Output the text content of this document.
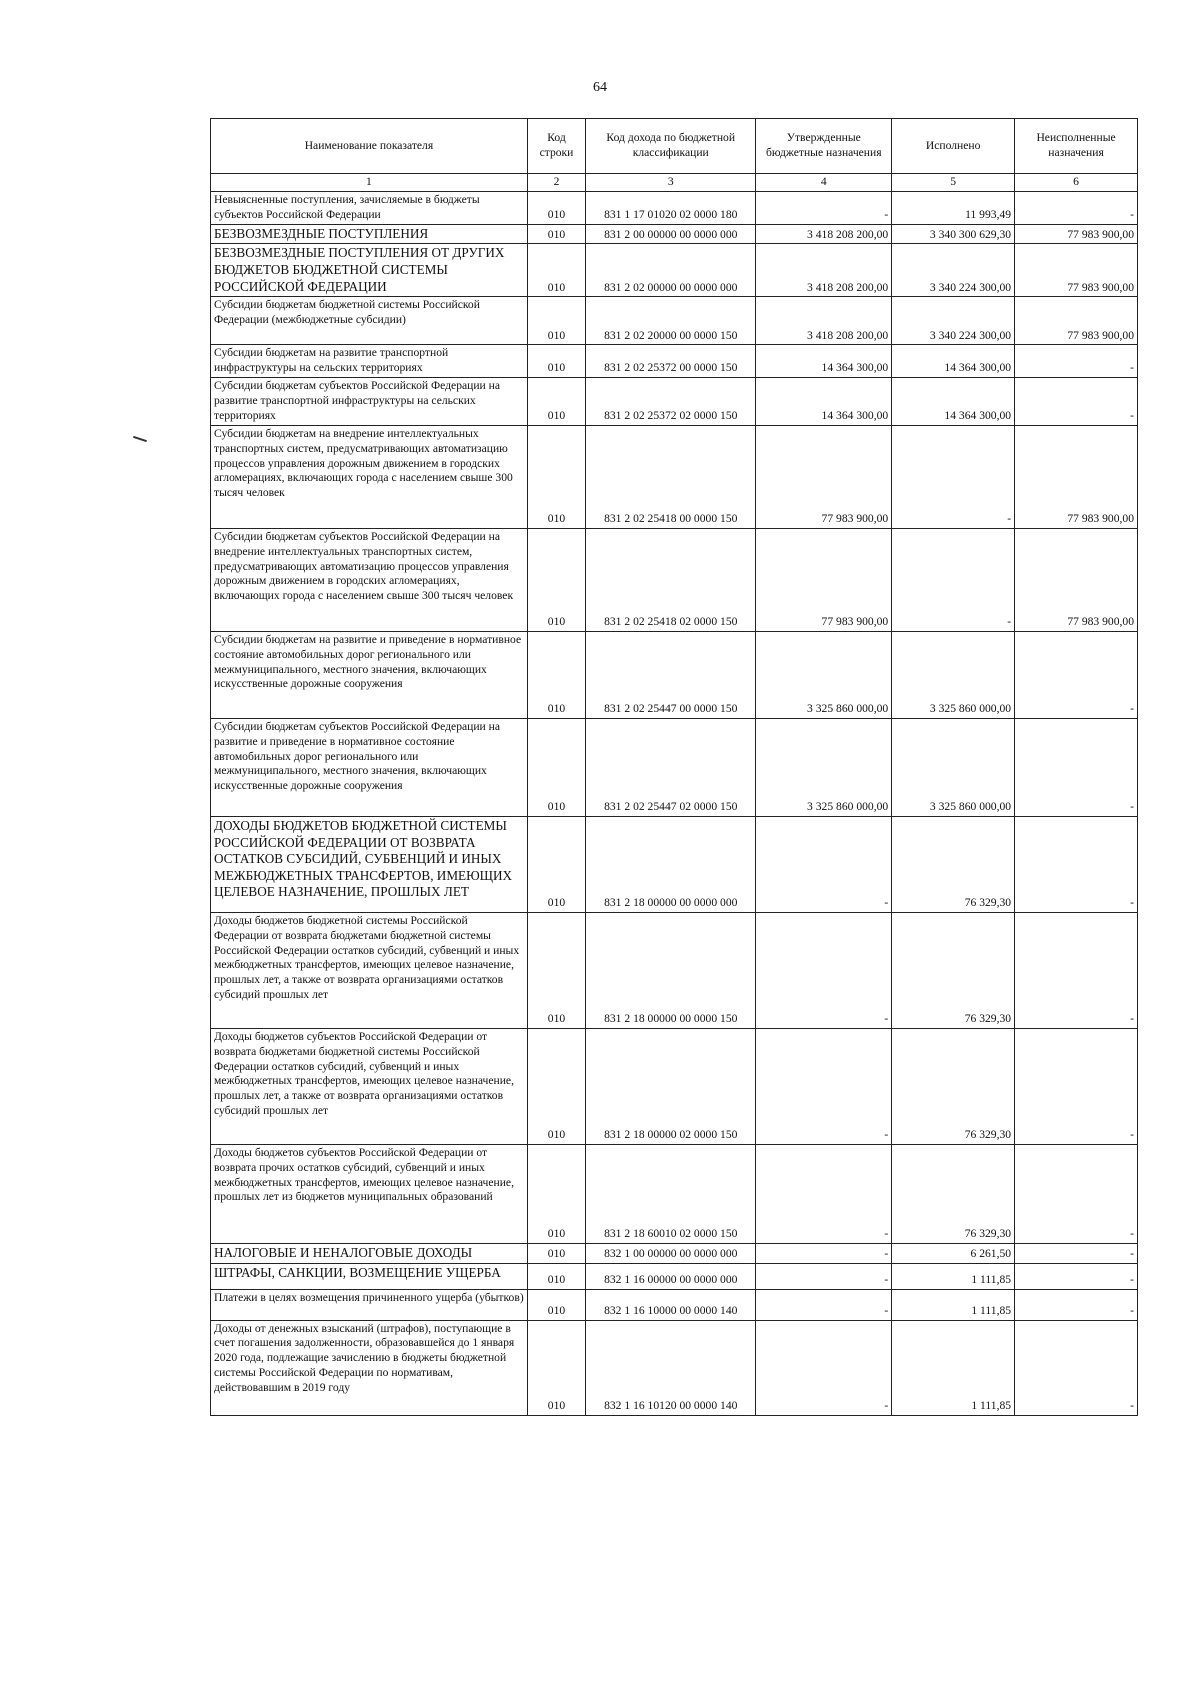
64
Наименование показателя	Код строки	Код дохода по бюджетной классификации	Утвержденные бюджетные назначения	Исполнено	Неисполненные назначения
1	2	3	4	5	6
Невыясненные поступления, зачисляемые в бюджеты субъектов Российской Федерации	010	831 1 17 01020 02 0000 180	-	11 993,49	-
БЕЗВОЗМЕЗДНЫЕ ПОСТУПЛЕНИЯ	010	831 2 00 00000 00 0000 000	3 418 208 200,00	3 340 300 629,30	77 983 900,00
БЕЗВОЗМЕЗДНЫЕ ПОСТУПЛЕНИЯ ОТ ДРУГИХ БЮДЖЕТОВ БЮДЖЕТНОЙ СИСТЕМЫ РОССИЙСКОЙ ФЕДЕРАЦИИ	010	831 2 02 00000 00 0000 000	3 418 208 200,00	3 340 224 300,00	77 983 900,00
Субсидии бюджетам бюджетной системы Российской Федерации (межбюджетные субсидии)	010	831 2 02 20000 00 0000 150	3 418 208 200,00	3 340 224 300,00	77 983 900,00
Субсидии бюджетам на развитие транспортной инфраструктуры на сельских территориях	010	831 2 02 25372 00 0000 150	14 364 300,00	14 364 300,00	-
Субсидии бюджетам субъектов Российской Федерации на развитие транспортной инфраструктуры на сельских территориях	010	831 2 02 25372 02 0000 150	14 364 300,00	14 364 300,00	-
Субсидии бюджетам на внедрение интеллектуальных транспортных систем, предусматривающих автоматизацию процессов управления дорожным движением в городских агломерациях, включающих города с населением свыше 300 тысяч человек	010	831 2 02 25418 00 0000 150	77 983 900,00	-	77 983 900,00
Субсидии бюджетам субъектов Российской Федерации на внедрение интеллектуальных транспортных систем, предусматривающих автоматизацию процессов управления дорожным движением в городских агломерациях, включающих города с населением свыше 300 тысяч человек	010	831 2 02 25418 02 0000 150	77 983 900,00	-	77 983 900,00
Субсидии бюджетам на развитие и приведение в нормативное состояние автомобильных дорог регионального или межмуниципального, местного значения, включающих искусственные дорожные сооружения	010	831 2 02 25447 00 0000 150	3 325 860 000,00	3 325 860 000,00	-
Субсидии бюджетам субъектов Российской Федерации на развитие и приведение в нормативное состояние автомобильных дорог регионального или межмуниципального, местного значения, включающих искусственные дорожные сооружения	010	831 2 02 25447 02 0000 150	3 325 860 000,00	3 325 860 000,00	-
ДОХОДЫ БЮДЖЕТОВ БЮДЖЕТНОЙ СИСТЕМЫ РОССИЙСКОЙ ФЕДЕРАЦИИ ОТ ВОЗВРАТА ОСТАТКОВ СУБСИДИЙ, СУБВЕНЦИЙ И ИНЫХ МЕЖБЮДЖЕТНЫХ ТРАНСФЕРТОВ, ИМЕЮЩИХ ЦЕЛЕВОЕ НАЗНАЧЕНИЕ, ПРОШЛЫХ ЛЕТ	010	831 2 18 00000 00 0000 000	-	76 329,30	-
Доходы бюджетов бюджетной системы Российской Федерации от возврата бюджетами бюджетной системы Российской Федерации остатков субсидий, субвенций и иных межбюджетных трансфертов, имеющих целевое назначение, прошлых лет, а также от возврата организациями остатков субсидий прошлых лет	010	831 2 18 00000 00 0000 150	-	76 329,30	-
Доходы бюджетов субъектов Российской Федерации от возврата бюджетами бюджетной системы Российской Федерации остатков субсидий, субвенций и иных межбюджетных трансфертов, имеющих целевое назначение, прошлых лет, а также от возврата организациями остатков субсидий прошлых лет	010	831 2 18 00000 02 0000 150	-	76 329,30	-
Доходы бюджетов субъектов Российской Федерации от возврата прочих остатков субсидий, субвенций и иных межбюджетных трансфертов, имеющих целевое назначение, прошлых лет из бюджетов муниципальных образований	010	831 2 18 60010 02 0000 150	-	76 329,30	-
НАЛОГОВЫЕ И НЕНАЛОГОВЫЕ ДОХОДЫ	010	832 1 00 00000 00 0000 000	-	6 261,50	-
ШТРАФЫ, САНКЦИИ, ВОЗМЕЩЕНИЕ УЩЕРБА	010	832 1 16 00000 00 0000 000	-	1 111,85	-
Платежи в целях возмещения причиненного ущерба (убытков)	010	832 1 16 10000 00 0000 140	-	1 111,85	-
Доходы от денежных взысканий (штрафов), поступающие в счет погашения задолженности, образовавшейся до 1 января 2020 года, подлежащие зачислению в бюджеты бюджетной системы Российской Федерации по нормативам, действовавшим в 2019 году	010	832 1 16 10120 00 0000 140	-	1 111,85	-
